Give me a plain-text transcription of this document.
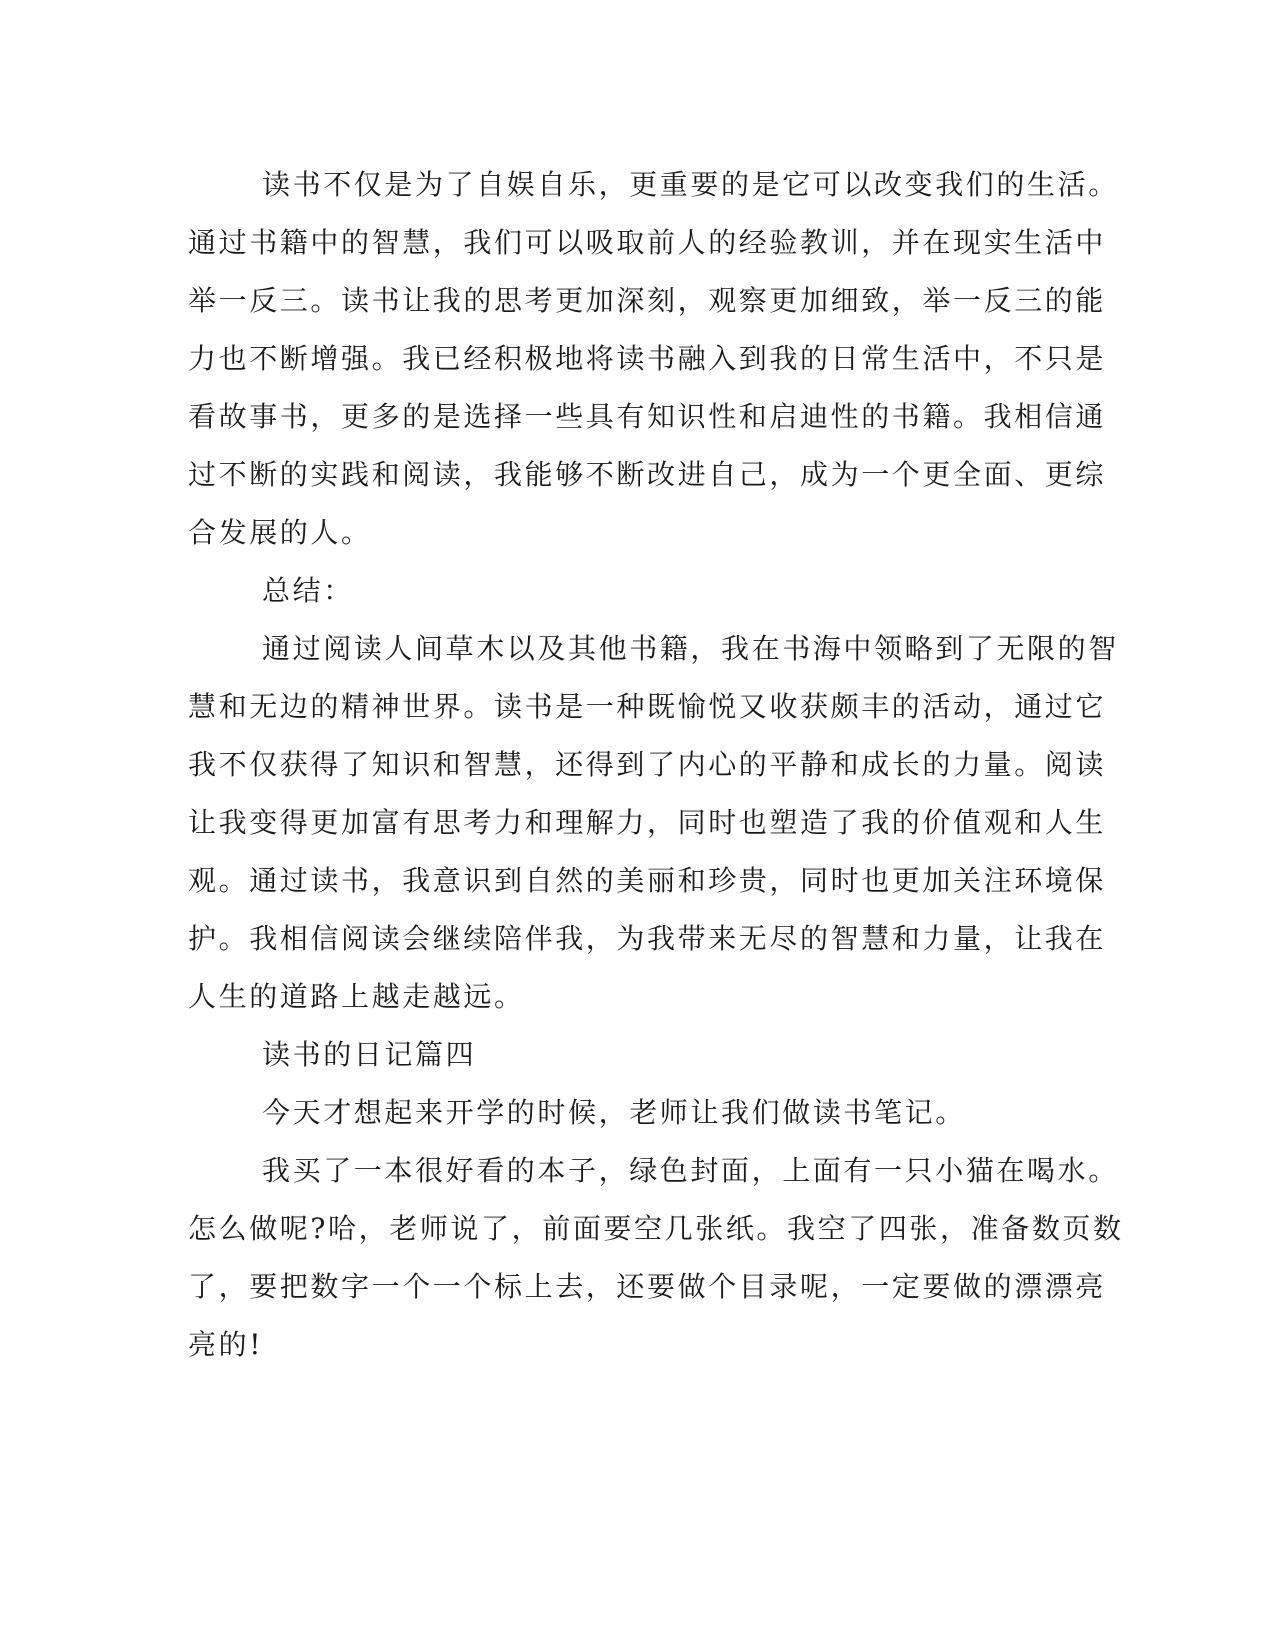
读书不仅是为了自娱自乐，更重要的是它可以改变我们的生活。
通过书籍中的智慧，我们可以吸取前人的经验教训，并在现实生活中
举一反三。读书让我的思考更加深刻，观察更加细致，举一反三的能
力也不断增强。我已经积极地将读书融入到我的日常生活中，不只是
看故事书，更多的是选择一些具有知识性和启迪性的书籍。我相信通
过不断的实践和阅读，我能够不断改进自己，成为一个更全面、更综
合发展的人。
总结：
通过阅读人间草木以及其他书籍，我在书海中领略到了无限的智
慧和无边的精神世界。读书是一种既愉悦又收获颇丰的活动，通过它
我不仅获得了知识和智慧，还得到了内心的平静和成长的力量。阅读
让我变得更加富有思考力和理解力，同时也塑造了我的价值观和人生
观。通过读书，我意识到自然的美丽和珍贵，同时也更加关注环境保
护。我相信阅读会继续陪伴我，为我带来无尽的智慧和力量，让我在
人生的道路上越走越远。
读书的日记篇四
今天才想起来开学的时候，老师让我们做读书笔记。
我买了一本很好看的本子，绿色封面，上面有一只小猫在喝水。
怎么做呢?哈，老师说了，前面要空几张纸。我空了四张，准备数页数
了，要把数字一个一个标上去，还要做个目录呢，一定要做的漂漂亮
亮的!
